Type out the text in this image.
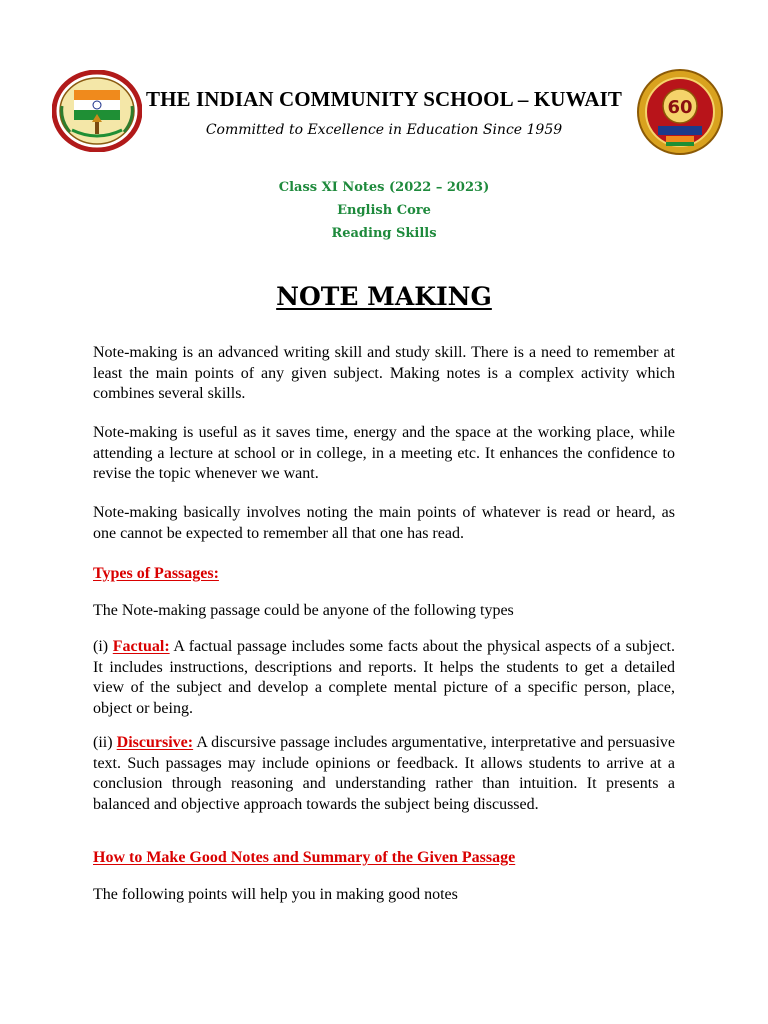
60
THE INDIAN COMMUNITY SCHOOL – KUWAIT
Committed to Excellence in Education Since 1959
Class XI Notes (2022 – 2023)
English Core
Reading Skills
NOTE MAKING
Note-making is an advanced writing skill and study skill. There is a need to remember at least the main points of any given subject. Making notes is a complex activity which combines several skills.
Note-making is useful as it saves time, energy and the space at the working place, while attending a lecture at school or in college, in a meeting etc. It enhances the confidence to revise the topic whenever we want.
Note-making basically involves noting the main points of whatever is read or heard, as one cannot be expected to remember all that one has read.
Types of Passages:
The Note-making passage could be anyone of the following types
(i) Factual: A factual passage includes some facts about the physical aspects of a subject. It includes instructions, descriptions and reports. It helps the students to get a detailed view of the subject and develop a complete mental picture of a specific person, place, object or being.
(ii) Discursive: A discursive passage includes argumentative, interpretative and persuasive text. Such passages may include opinions or feedback. It allows students to arrive at a conclusion through reasoning and understanding rather than intuition. It presents a balanced and objective approach towards the subject being discussed.
How to Make Good Notes and Summary of the Given Passage
The following points will help you in making good notes
